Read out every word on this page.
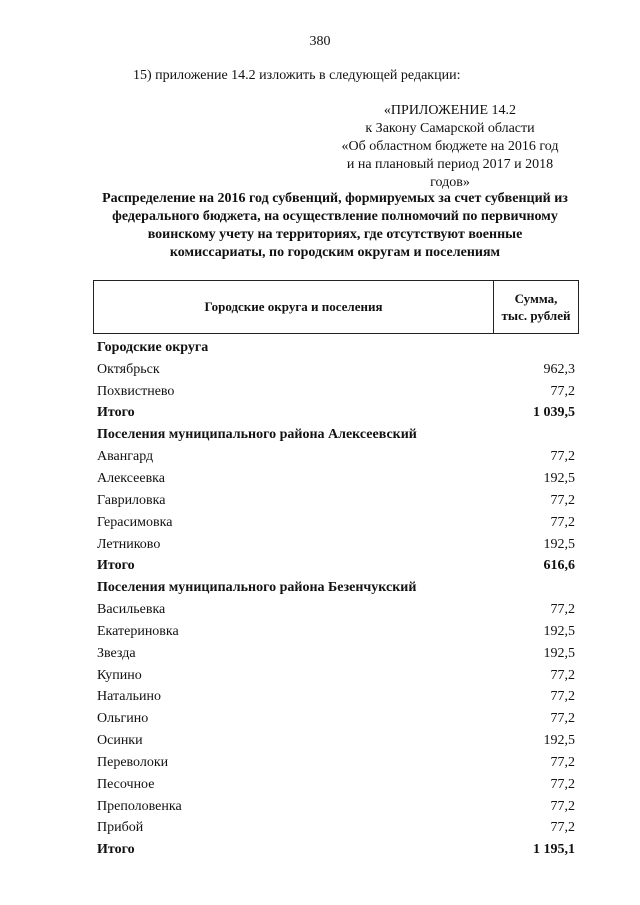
380
15) приложение 14.2 изложить в следующей редакции:
«ПРИЛОЖЕНИЕ 14.2
к Закону Самарской области
«Об областном бюджете на 2016 год
и на плановый период 2017 и 2018 годов»
Распределение на 2016 год субвенций, формируемых за счет субвенций из
федерального бюджета, на осуществление полномочий по первичному
воинскому учету на территориях, где отсутствуют военные
комиссариаты, по городским округам и поселениям
Городские округа и поселения
Сумма,
тыс. рублей
Городские округа
Октябрьск	962,3
Похвистнево	77,2
Итого	1 039,5
Поселения муниципального района Алексеевский
Авангард	77,2
Алексеевка	192,5
Гавриловка	77,2
Герасимовка	77,2
Летниково	192,5
Итого	616,6
Поселения муниципального района Безенчукский
Васильевка	77,2
Екатериновка	192,5
Звезда	192,5
Купино	77,2
Натальино	77,2
Ольгино	77,2
Осинки	192,5
Переволоки	77,2
Песочное	77,2
Преполовенка	77,2
Прибой	77,2
Итого	1 195,1
